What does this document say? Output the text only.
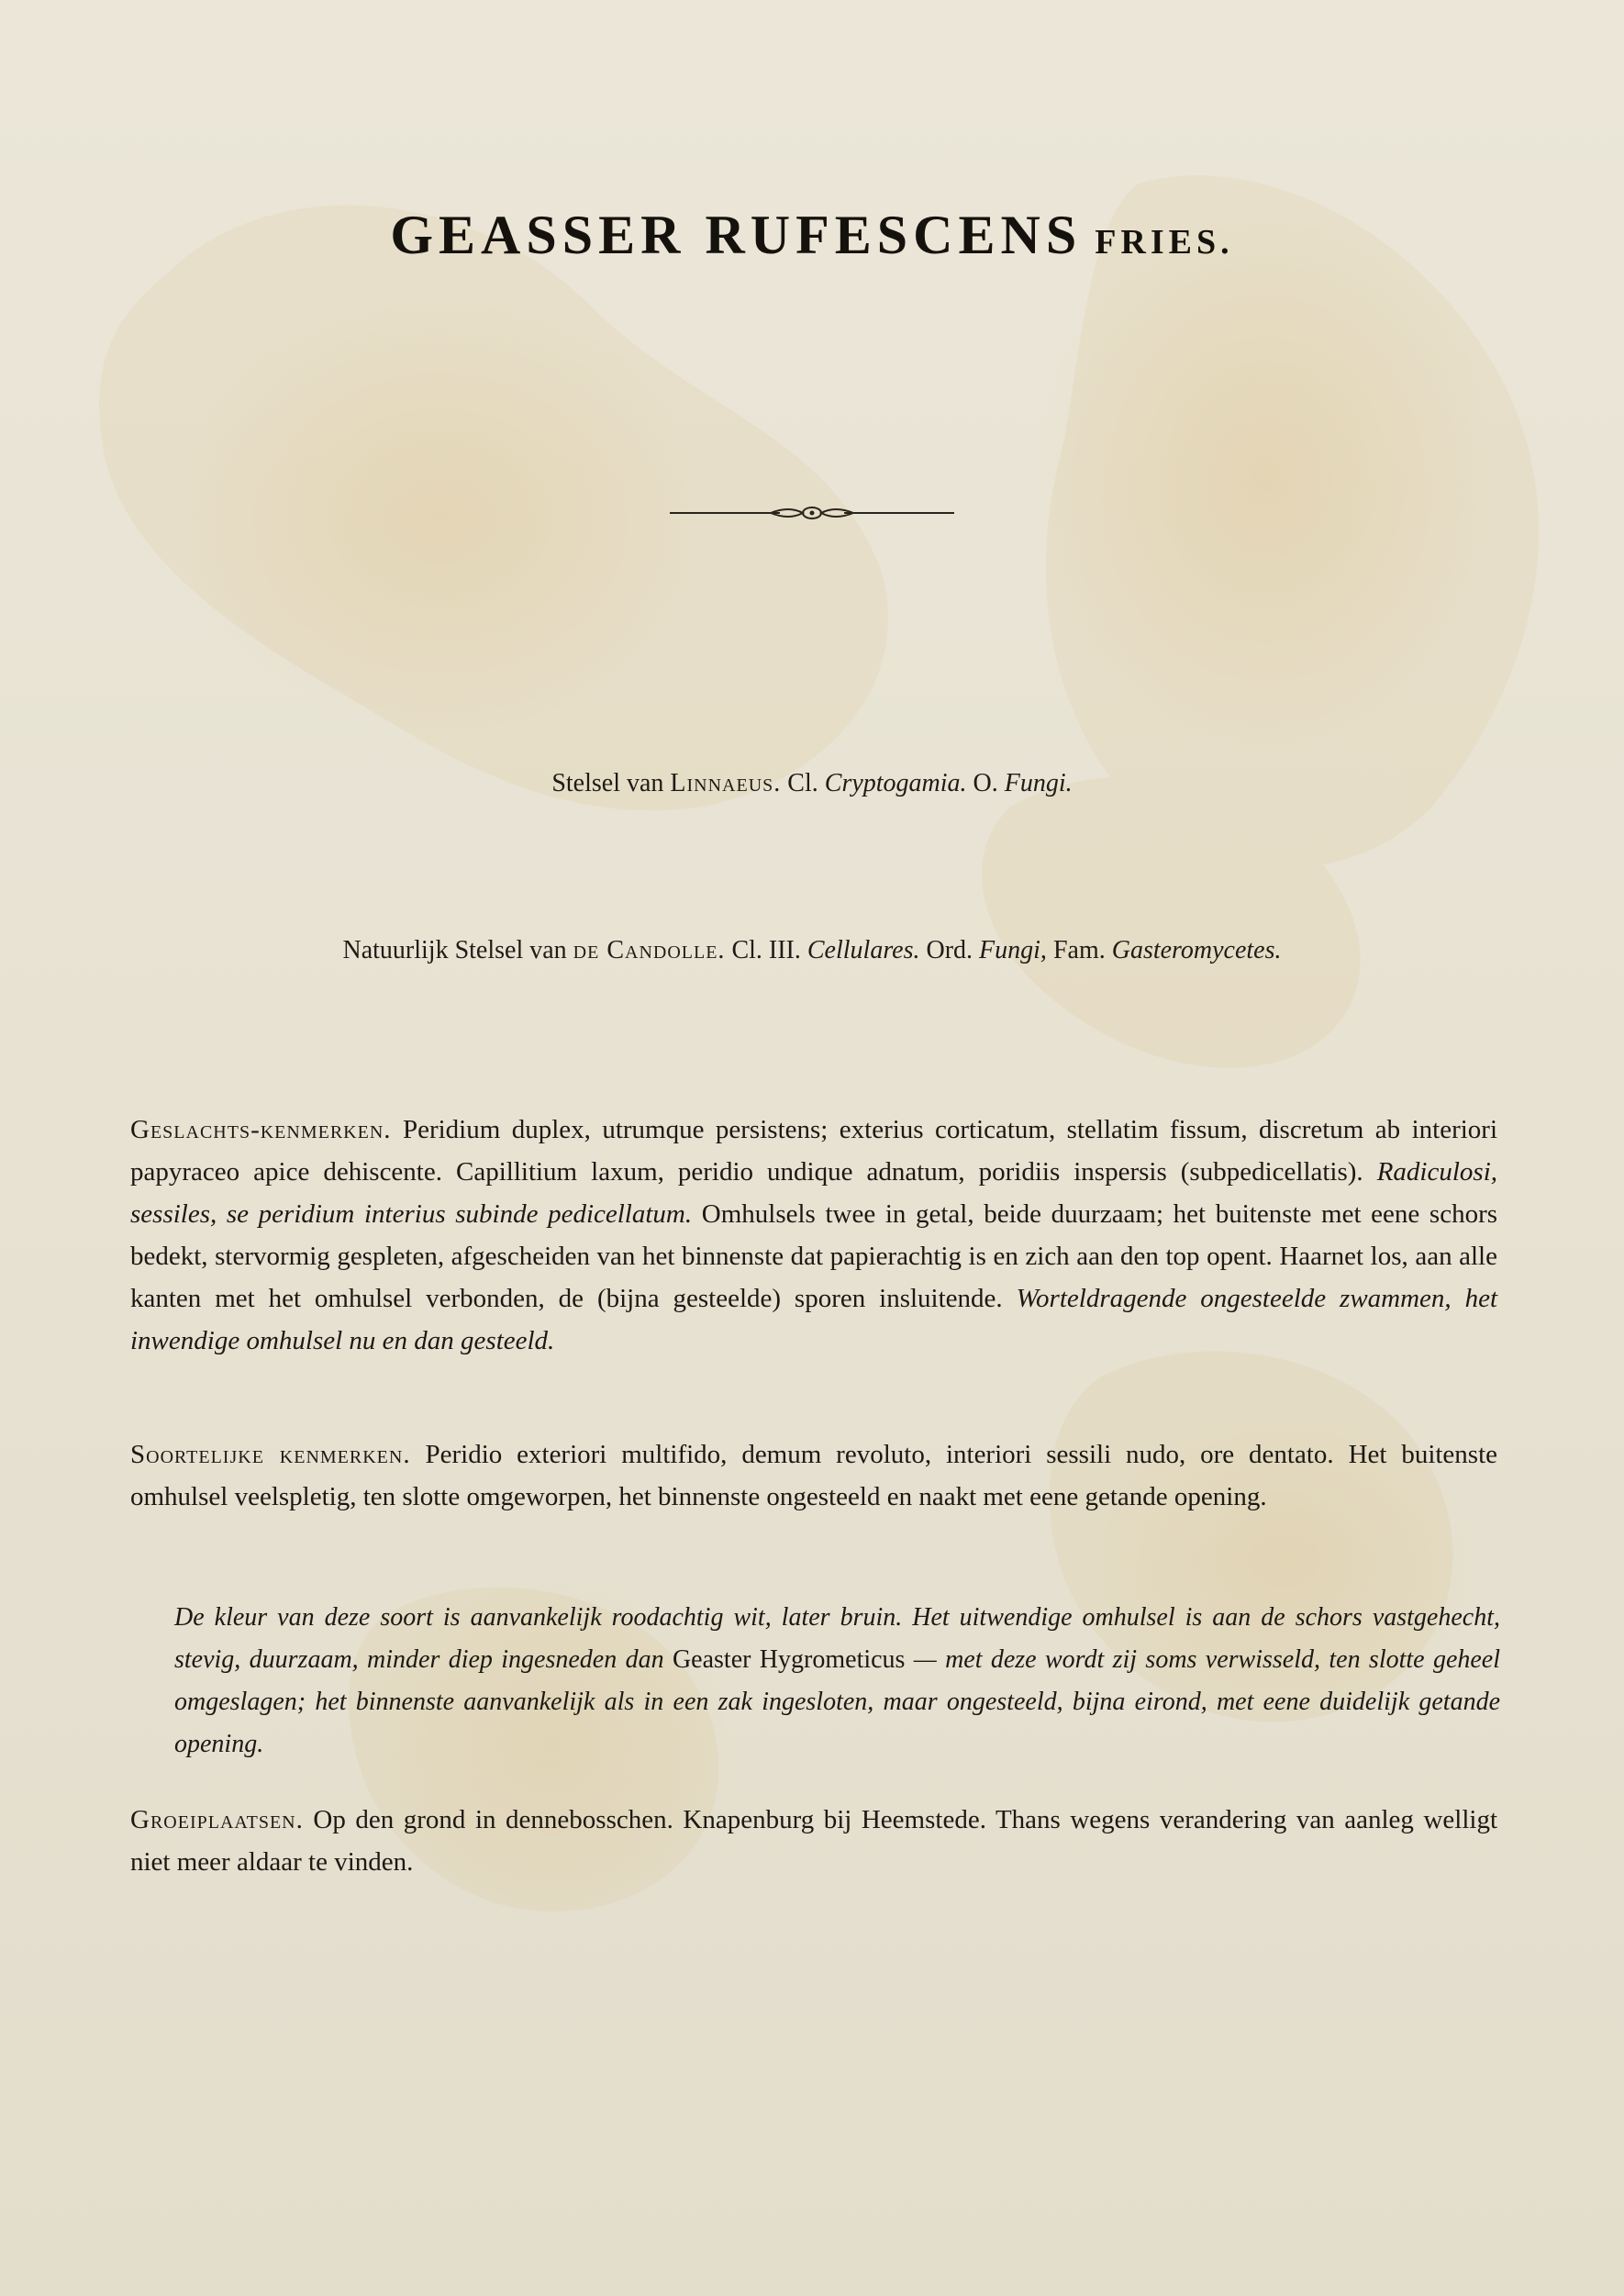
GEASSER RUFESCENS FRIES.
Stelsel van Linnaeus. Cl. Cryptogamia. O. Fungi.
Natuurlijk Stelsel van de Candolle. Cl. III. Cellulares. Ord. Fungi, Fam. Gasteromycetes.
Geslachts-kenmerken. Peridium duplex, utrumque persistens; exterius corticatum, stellatim fissum, discretum ab interiori papyraceo apice dehiscente. Capillitium laxum, peridio undique adnatum, poridiis inspersis (subpedicellatis). Radiculosi, sessiles, se peridium interius subinde pedicellatum. Omhulsels twee in getal, beide duurzaam; het buitenste met eene schors bedekt, stervormig gespleten, afgescheiden van het binnenste dat papierachtig is en zich aan den top opent. Haarnet los, aan alle kanten met het omhulsel verbonden, de (bijna gesteelde) sporen insluitende. Worteldragende ongesteelde zwammen, het inwendige omhulsel nu en dan gesteeld.
Soortelijke kenmerken. Peridio exteriori multifido, demum revoluto, interiori sessili nudo, ore dentato. Het buitenste omhulsel veelspletig, ten slotte omgeworpen, het binnenste ongesteeld en naakt met eene getande opening.
De kleur van deze soort is aanvankelijk roodachtig wit, later bruin. Het uitwendige omhulsel is aan de schors vastgehecht, stevig, duurzaam, minder diep ingesneden dan Geaster Hygrometicus — met deze wordt zij soms verwisseld, ten slotte geheel omgeslagen; het binnenste aanvankelijk als in een zak ingesloten, maar ongesteeld, bijna eirond, met eene duidelijk getande opening.
Groeiplaatsen. Op den grond in dennebosschen. Knapenburg bij Heemstede. Thans wegens verandering van aanleg welligt niet meer aldaar te vinden.
